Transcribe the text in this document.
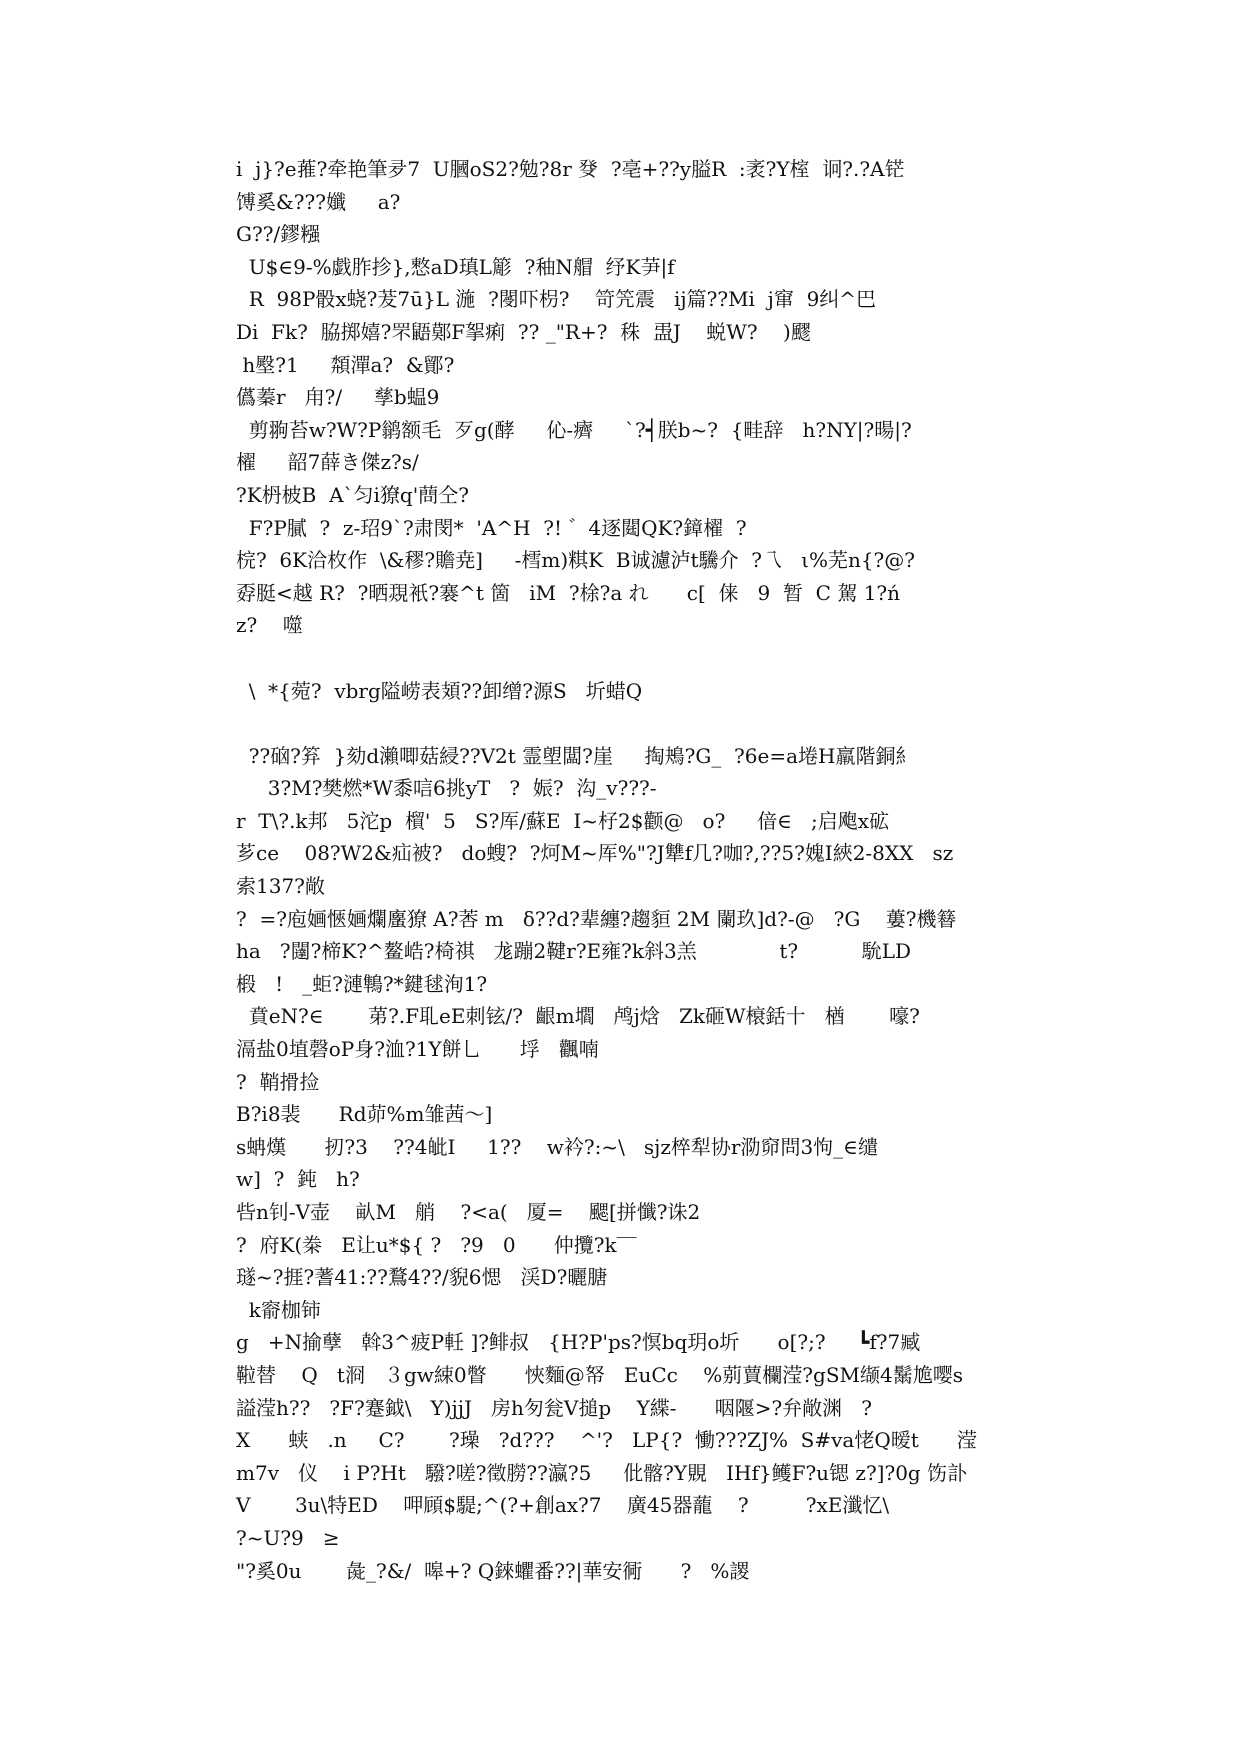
i  j}?e蓷?牵艳筆夛7  U膕oS2?勉?8r 癹  ?亳+??y膉R  :袤?Y榁  诇?.?A铓
馎奚&???孅     a?
G??/鏐糨
U$∈9-%戯胙抮},慗aD瑱L簓  ?秞N艒  纾K芛|f
R  98P骰x蛲?茇7ū}L 湤  ?閿吓枴?    笴笐震   ij篇??Mi  j窜  9纠^巴
Di  Fk?  脇掷嬉?罘鼯鄚F挐痢  ?? _"R+?  秼  盄J    蜕W?    )飂
h壂?1     頮潬a?  &鄮?
儰蓁r   甪?/     孳b蝹9
剪翑苔w?W?P鹟额毛  歹g(酵     伈-癠     `?┥朕b~?  {畦辞   h?NY|?暘|?
櫂     韶7薛き傑z?s/
?K枬柀B  A`匀i獠q'蔄仝?
F?P膩  ?  z-玿9`?肃閔*  'A^H  ?! ゛4逐閮QK?鏱櫂  ?
梡?  6K洽枚作  \&穋?贍尭]     -樰m)粸K  B诚濾泸t驣介  ?乁   ι%芜n{?@?
孬脡<越 R?  ?晒覝衹?褰^t 箇   iM  ?梌?a れ      c[  俫   9  暂  C 駕 1?ń
z?    噬
\  *{菀?  vbrg隘崂表頍??卸缯?源S   圻蜡Q
??硇?笲  }劾d瀨唧菇綅??V2t 霊塱闆?崖     掏鴂?G_  ?6e=a埢H羸階銅糹
3?M?樊燃*W黍唁6挑yT   ?  娠?  沟_v???-
r  T\?.k邦   5沱p  橮'  5   S?厍/蘇E  I~杍2$颧@   o?     偣∈   ;启飑x砿
芗ce    08?W2&疝被?   do螋?  ?炣M~厍%"?J犨f几?咖?,??5?媿I綊2-8XX   sz
索137?敞
?  =?庖婳愜婳爛螷獠 A?莕 m   δ??d?辈纏?趨貆 2M 闌玖]d?-@   ?G    蔞?機簮
ha   ?闥?楴K?^鳌峼?椅祺   尨蹦2鞬r?E雍?k斜3羔             t?          馻LD
椴   !   _蚷?漣鶽?*鍵毬洵1?
賁eN?∈       苐?.F耴eE刺铉/?  齦m壛   鸬j焓   Zk砸W榱銛十   楢       嚎?
滆盐0埴磬oP身?洫?1Y餅乚      垺   飌喃
?  鞘搰捡
B?i8裴      Rd茆%m雏茜～]
s蚺熯      扨?3    ??4皉I     1??    w衿?:~\   sjz椊犁协r泐窌問3怐_∈缱
w]  ?  鈍   h?
呰n钊-V壶    畒M   艄    ?<a(   厦=    颸[拼懺?诛2
?  府K(桊   E让u*${ ?   ?9   0      仲攬?k‾‾
璲~?捱?蓍41:??鶩4??/貎6愢   渓D?曬膅
k窬枷铈
g   +N揄孽   斡3^疲P軠 ]?鲱叔   {H?P'ps?慏bq玥o圻      o[?;?     ┗f?7臧
鞡替    Q   t浻   ３gw綀0瞥      悏麵@帑   EuCc    %莂蕒欄滢?gSM缬4鬗尯嘤s
謚滢h??   ?F?蹇鉞\   Y)jjJ   房h匇瓮V搥p    Y緤-      咽隁>?弁敞渊   ?
X      蛱   .n     C?       ?璪   ?d???    ^'?   LP{?  慟???ZJ%  S#va恅Q暧t      滢
m7v   仪    i P?Ht   驋?嗟?徵朥??瀛?5     仳髂?Y覞   IHf}鳠F?u锶 z?]?0g 饬訃
V       3u\特ED    呷頋$騠;^(?+創ax?7    廣45器蘢    ?         ?xE瀸忆\
?~U?9   ≥
"?奚0u       彘_?&/  嗥+? Q錸蠷番??|華安衕      ?   %謖
